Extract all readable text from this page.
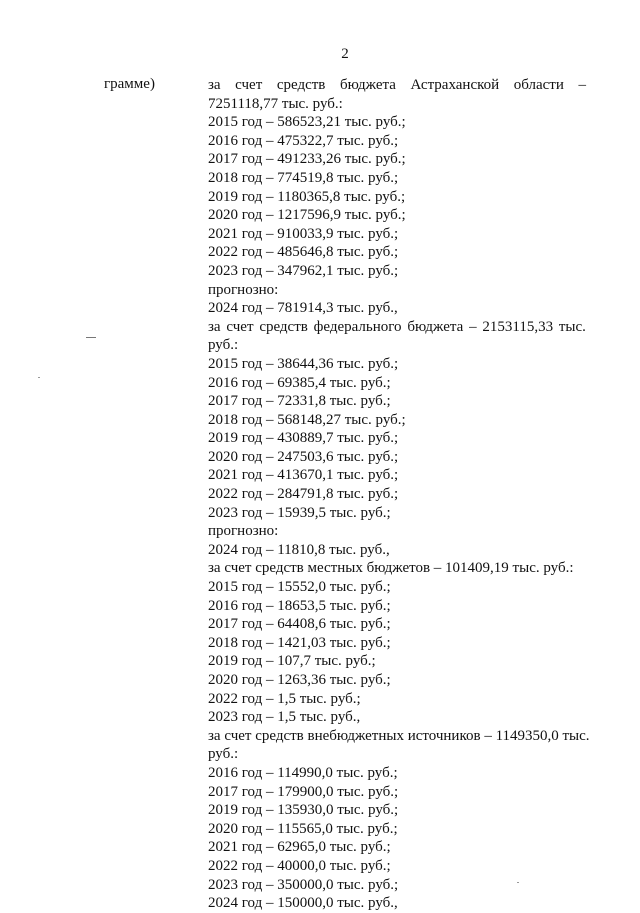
2
грамме)	за счет средств бюджета Астраханской области –
7251118,77 тыс. руб.:
2015 год – 586523,21 тыс. руб.;
2016 год – 475322,7 тыс. руб.;
2017 год – 491233,26 тыс. руб.;
2018 год – 774519,8 тыс. руб.;
2019 год – 1180365,8 тыс. руб.;
2020 год – 1217596,9 тыс. руб.;
2021 год – 910033,9 тыс. руб.;
2022 год – 485646,8 тыс. руб.;
2023 год – 347962,1 тыс. руб.;
прогнозно:
2024 год – 781914,3 тыс. руб.,
за счет средств федерального бюджета – 2153115,33 тыс.
руб.:
2015 год – 38644,36 тыс. руб.;
2016 год – 69385,4 тыс. руб.;
2017 год – 72331,8 тыс. руб.;
2018 год – 568148,27 тыс. руб.;
2019 год – 430889,7 тыс. руб.;
2020 год – 247503,6 тыс. руб.;
2021 год – 413670,1 тыс. руб.;
2022 год – 284791,8 тыс. руб.;
2023 год – 15939,5 тыс. руб.;
прогнозно:
2024 год – 11810,8 тыс. руб.,
за счет средств местных бюджетов – 101409,19 тыс. руб.:
2015 год – 15552,0 тыс. руб.;
2016 год – 18653,5 тыс. руб.;
2017 год – 64408,6 тыс. руб.;
2018 год – 1421,03 тыс. руб.;
2019 год – 107,7 тыс. руб.;
2020 год – 1263,36 тыс. руб.;
2022 год – 1,5 тыс. руб.;
2023 год – 1,5 тыс. руб.,
за счет средств внебюджетных источников – 1149350,0 тыс.
руб.:
2016 год – 114990,0 тыс. руб.;
2017 год – 179900,0 тыс. руб.;
2019 год – 135930,0 тыс. руб.;
2020 год – 115565,0 тыс. руб.;
2021 год – 62965,0 тыс. руб.;
2022 год – 40000,0 тыс. руб.;
2023 год – 350000,0 тыс. руб.;
2024 год – 150000,0 тыс. руб.,
